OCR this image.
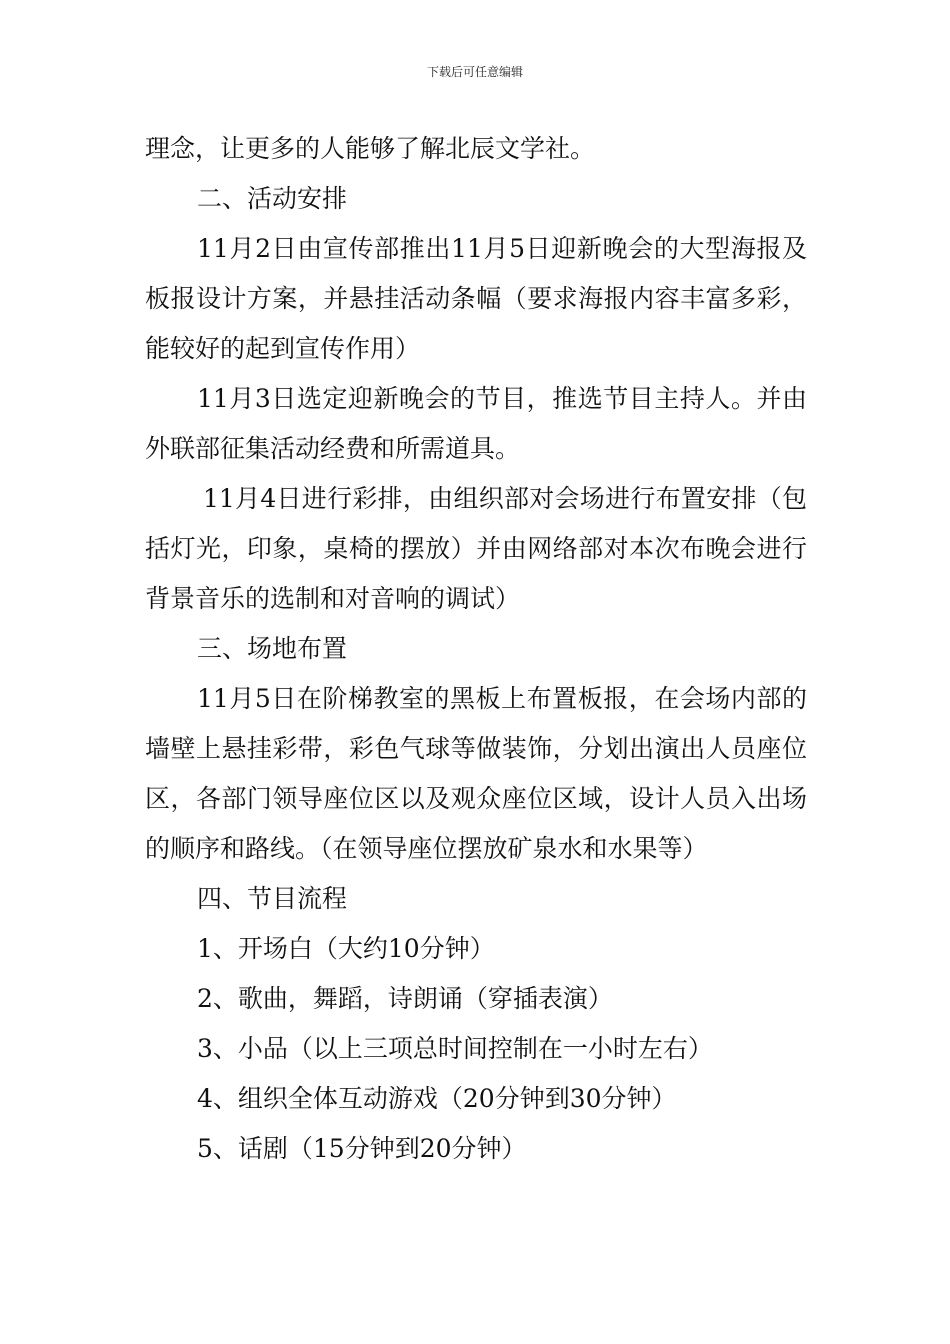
下载后可任意编辑

理念，让更多的人能够了解北辰文学社。

二、活动安排

11月2日由宣传部推出11月5日迎新晚会的大型海报及板报设计方案，并悬挂活动条幅（要求海报内容丰富多彩，能较好的起到宣传作用）

11月3日选定迎新晚会的节目，推选节目主持人。并由外联部征集活动经费和所需道具。

11月4日进行彩排，由组织部对会场进行布置安排（包括灯光，印象，桌椅的摆放）并由网络部对本次布晚会进行背景音乐的选制和对音响的调试）

三、场地布置

11月5日在阶梯教室的黑板上布置板报，在会场内部的墙壁上悬挂彩带，彩色气球等做装饰，分划出演出人员座位区，各部门领导座位区以及观众座位区域，设计人员入出场的顺序和路线。（在领导座位摆放矿泉水和水果等）

四、节目流程

1、开场白（大约10分钟）

2、歌曲，舞蹈，诗朗诵（穿插表演）

3、小品（以上三项总时间控制在一小时左右）

4、组织全体互动游戏（20分钟到30分钟）

5、话剧（15分钟到20分钟）
